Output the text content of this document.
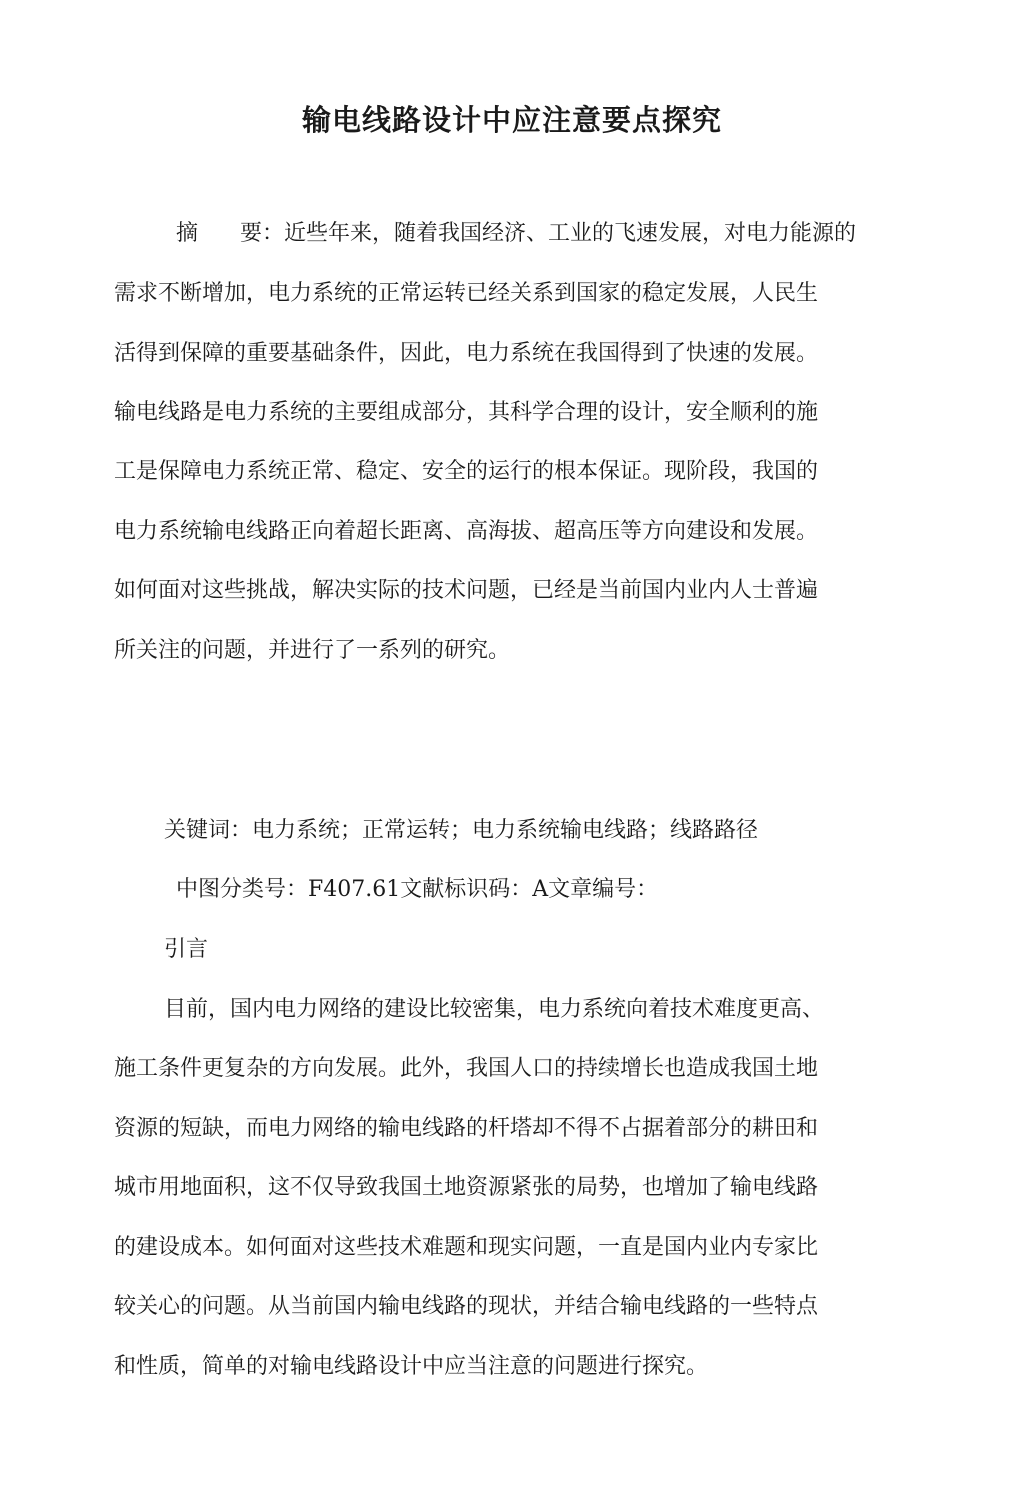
输电线路设计中应注意要点探究
摘 要：近些年来，随着我国经济、工业的飞速发展，对电力能源的
需求不断增加，电力系统的正常运转已经关系到国家的稳定发展，人民生
活得到保障的重要基础条件，因此，电力系统在我国得到了快速的发展。
输电线路是电力系统的主要组成部分，其科学合理的设计，安全顺利的施
工是保障电力系统正常、稳定、安全的运行的根本保证。现阶段，我国的
电力系统输电线路正向着超长距离、高海拔、超高压等方向建设和发展。
如何面对这些挑战，解决实际的技术问题，已经是当前国内业内人士普遍
所关注的问题，并进行了一系列的研究。
关键词：电力系统；正常运转；电力系统输电线路；线路路径
中图分类号：F407.61文献标识码：A文章编号：
引言
目前，国内电力网络的建设比较密集，电力系统向着技术难度更高、
施工条件更复杂的方向发展。此外，我国人口的持续增长也造成我国土地
资源的短缺，而电力网络的输电线路的杆塔却不得不占据着部分的耕田和
城市用地面积，这不仅导致我国土地资源紧张的局势，也增加了输电线路
的建设成本。如何面对这些技术难题和现实问题，一直是国内业内专家比
较关心的问题。从当前国内输电线路的现状，并结合输电线路的一些特点
和性质，简单的对输电线路设计中应当注意的问题进行探究。
